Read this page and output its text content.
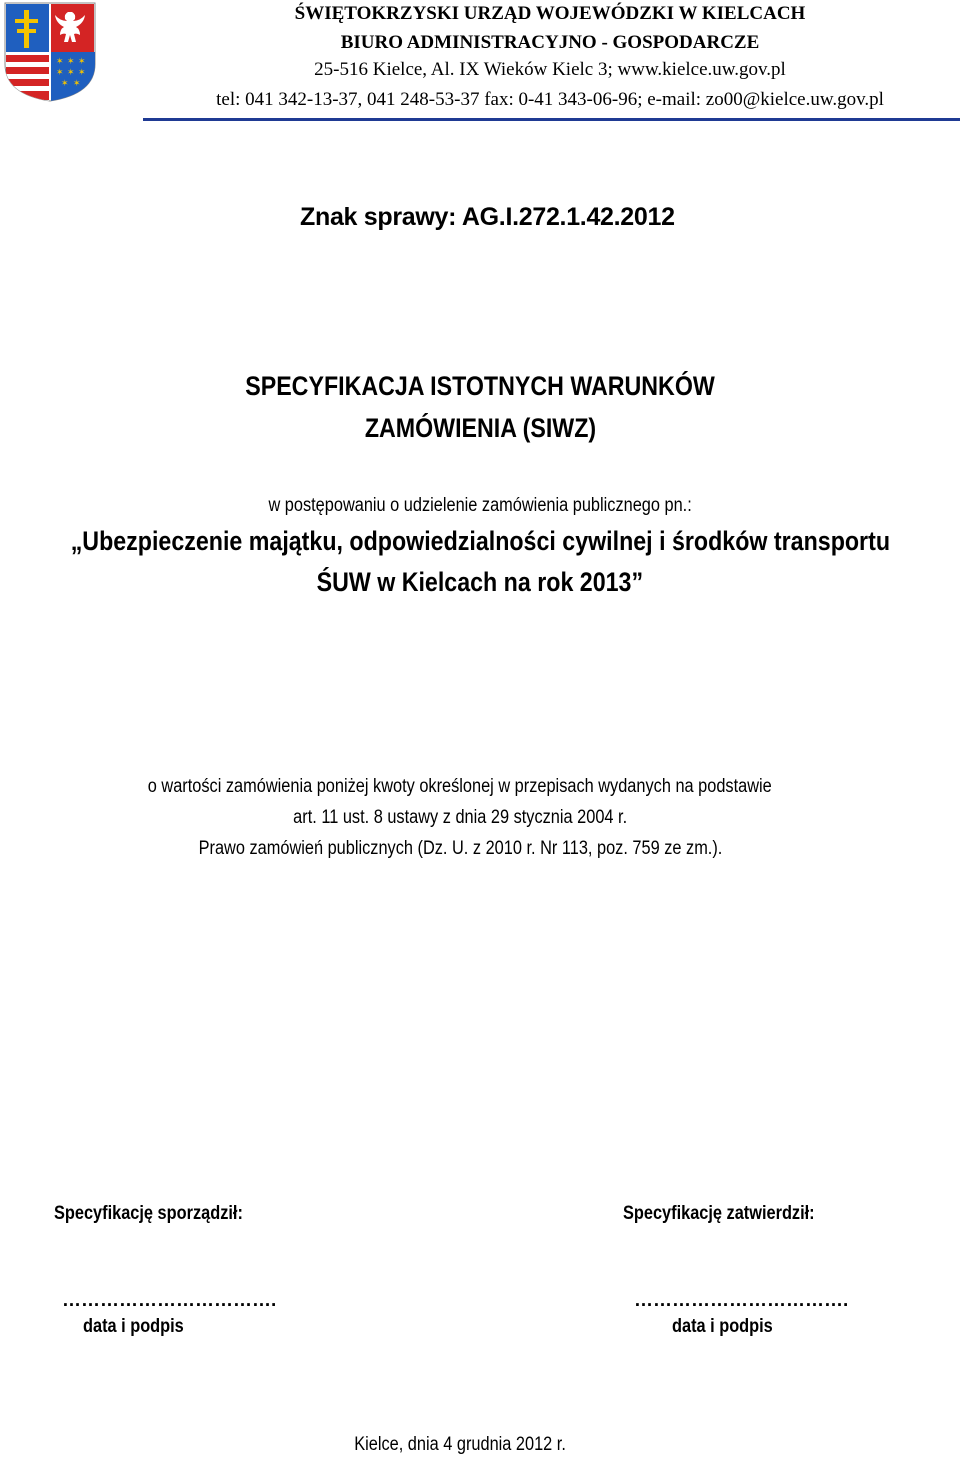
✶ ✶ ✶
✶ ✶ ✶
✶ ✶
ŚWIĘTOKRZYSKI URZĄD WOJEWÓDZKI W KIELCACH
BIURO ADMINISTRACYJNO - GOSPODARCZE
25-516 Kielce, Al. IX Wieków Kielc 3; www.kielce.uw.gov.pl
tel: 041 342-13-37, 041 248-53-37 fax: 0-41 343-06-96; e-mail: zo00@kielce.uw.gov.pl
Znak sprawy: AG.I.272.1.42.2012
SPECYFIKACJA ISTOTNYCH WARUNKÓW
ZAMÓWIENIA (SIWZ)
w postępowaniu o udzielenie zamówienia publicznego pn.:
„Ubezpieczenie majątku, odpowiedzialności cywilnej i środków transportu
ŚUW w Kielcach na rok 2013”
o wartości zamówienia poniżej kwoty określonej w przepisach wydanych na podstawie
art. 11 ust. 8 ustawy z dnia 29 stycznia 2004 r.
Prawo zamówień publicznych (Dz. U. z 2010 r. Nr 113, poz. 759 ze zm.).
Specyfikację sporządził:	Specyfikację zatwierdził:
…………………………….	…………………………….
data i podpis	data i podpis
Kielce, dnia 4 grudnia 2012 r.
